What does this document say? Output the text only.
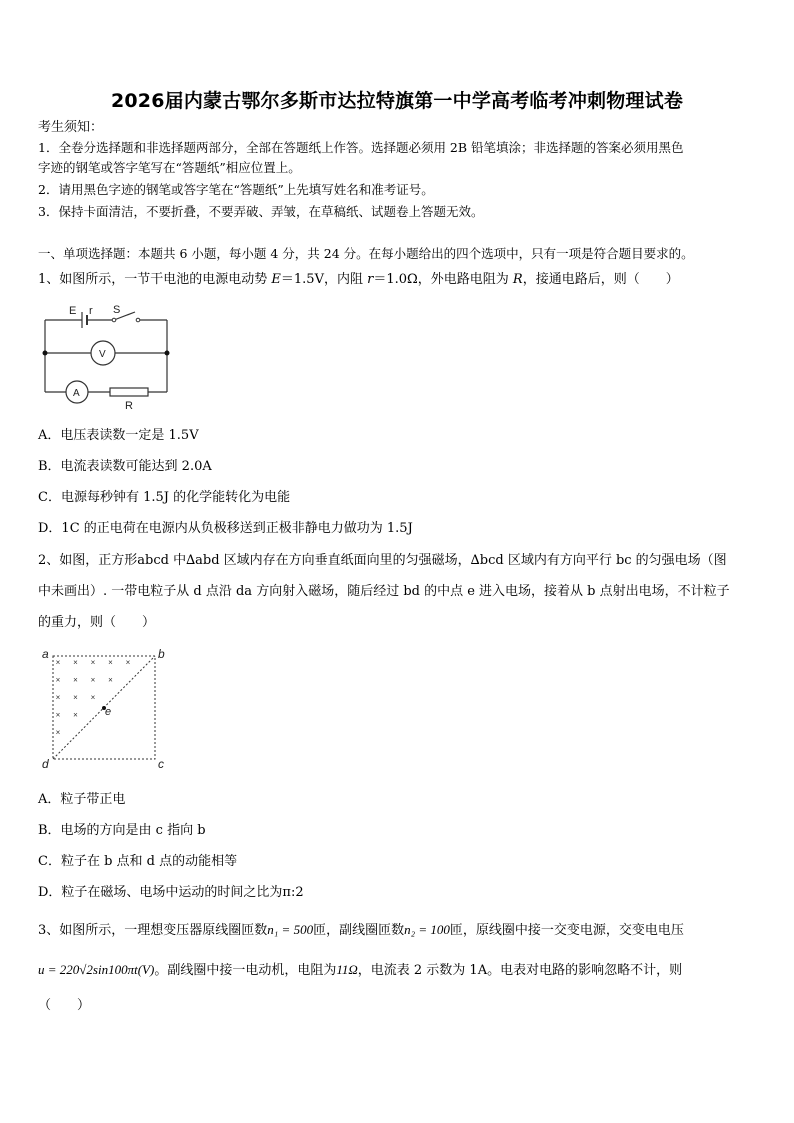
2026届内蒙古鄂尔多斯市达拉特旗第一中学高考临考冲刺物理试卷
考生须知：
1．全卷分选择题和非选择题两部分，全部在答题纸上作答。选择题必须用 2B 铅笔填涂；非选择题的答案必须用黑色
字迹的钢笔或答字笔写在“答题纸”相应位置上。
2．请用黑色字迹的钢笔或答字笔在“答题纸”上先填写姓名和准考证号。
3．保持卡面清洁，不要折叠，不要弄破、弄皱，在草稿纸、试题卷上答题无效。
一、单项选择题：本题共 6 小题，每小题 4 分，共 24 分。在每小题给出的四个选项中，只有一项是符合题目要求的。
1、如图所示，一节干电池的电源电动势 E＝1.5V，内阻 r＝1.0Ω，外电路电阻为 R，接通电路后，则（　　）
E r S
V
A
R
A．电压表读数一定是 1.5V
B．电流表读数可能达到 2.0A
C．电源每秒钟有 1.5J 的化学能转化为电能
D．1C 的正电荷在电源内从负极移送到正极非静电力做功为 1.5J
2、如图，正方形abcd 中∆abd 区域内存在方向垂直纸面向里的匀强磁场，∆bcd 区域内有方向平行 bc 的匀强电场（图
中未画出）. 一带电粒子从 d 点沿 da 方向射入磁场，随后经过 bd 的中点 e 进入电场，接着从 b 点射出电场，不计粒子
的重力，则（　　）
× × × × ×
× × × ×
× × ×
× ×
×
a	b
c
d
e
A．粒子带正电
B．电场的方向是由 c 指向 b
C．粒子在 b 点和 d 点的动能相等
D．粒子在磁场、电场中运动的时间之比为π:2
3、如图所示，一理想变压器原线圈匝数n₁ = 500匝，副线圈匝数n₂ = 100匝，原线圈中接一交变电源，交变电电压
u = 220√2sin100πt(V)。副线圈中接一电动机，电阻为11Ω，电流表 2 示数为 1A。电表对电路的影响忽略不计，则
（　　）
